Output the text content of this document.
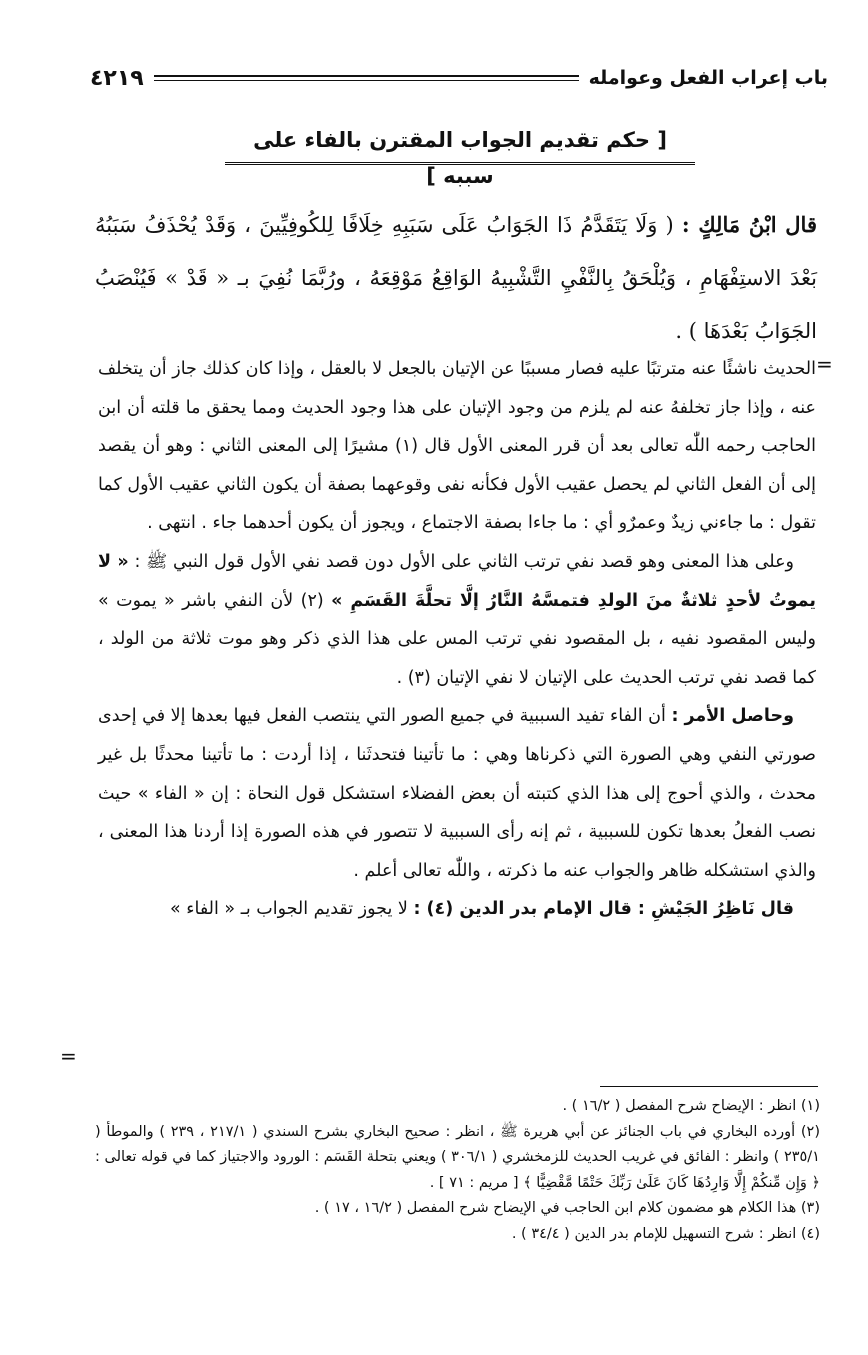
باب إعراب الفعل وعوامله
٤٢١٩
[ حكم تقديم الجواب المقترن بالفاء على سببه ]
قال ابْنُ مَالِكٍ : ( وَلَا يَتَقَدَّمُ ذَا الجَوَابُ عَلَى سَبَبِهِ خِلَافًا لِلكُوفِيِّينَ ، وَقَدْ يُحْذَفُ سَبَبُهُ بَعْدَ الاستِفْهَامِ ، وَيُلْحَقُ بِالنَّفْيِ التَّشْبِيهُ الوَاقِعُ مَوْقِعَهُ ، ورُبَّمَا نُفِيَ بـ « قَدْ » فَيُنْصَبُ الجَوَابُ بَعْدَهَا ) .
=

الحديث ناشئًا عنه مترتبًا عليه فصار مسببًا عن الإتيان بالجعل لا بالعقل ، وإذا كان كذلك جاز أن يتخلف عنه ، وإذا جاز تخلفهُ عنه لم يلزم من وجود الإتيان على هذا وجود الحديث ومما يحقق ما قلته أن ابن الحاجب رحمه اللّٰه تعالى بعد أن قرر المعنى الأول قال (١) مشيرًا إلى المعنى الثاني : وهو أن يقصد إلى أن الفعل الثاني لم يحصل عقيب الأول فكأنه نفى وقوعهما بصفة أن يكون الثاني عقيب الأول كما تقول : ما جاءني زيدٌ وعمرٌو أي : ما جاءا بصفة الاجتماع ، ويجوز أن يكون أحدهما جاء . انتهى .

وعلى هذا المعنى وهو قصد نفي ترتب الثاني على الأول دون قصد نفي الأول قول النبي ﷺ : « لا يموتُ لأحدٍ ثلاثةٌ منَ الولدِ فتمسَّهُ النَّارُ إلَّا تحلَّةَ القَسَمِ » (٢) لأن النفي باشر « يموت » وليس المقصود نفيه ، بل المقصود نفي ترتب المس على هذا الذي ذكر وهو موت ثلاثة من الولد ، كما قصد نفي ترتب الحديث على الإتيان لا نفي الإتيان (٣) .

وحاصل الأمر : أن الفاء تفيد السببية في جميع الصور التي ينتصب الفعل فيها بعدها إلا في إحدى صورتي النفي وهي الصورة التي ذكرناها وهي : ما تأتينا فتحدثَنا ، إذا أردت : ما تأتينا محدثًا بل غير محدث ، والذي أحوج إلى هذا الذي كتبته أن بعض الفضلاء استشكل قول النحاة : إن « الفاء » حيث نصب الفعلُ بعدها تكون للسببية ، ثم إنه رأى السببية لا تتصور في هذه الصورة إذا أردنا هذا المعنى ، والذي استشكله ظاهر والجواب عنه ما ذكرته ، واللّٰه تعالى أعلم .

قال نَاظِرُ الجَيْشِ : قال الإمام بدر الدين (٤) : لا يجوز تقديم الجواب بـ « الفاء »

=
(١) انظر : الإيضاح شرح المفصل ( ١٦/٢ ) .
(٢) أورده البخاري في باب الجنائز عن أبي هريرة ﷺ ، انظر : صحيح البخاري بشرح السندي ( ٢١٧/١ ، ٢٣٩ ) والموطأ ( ٢٣٥/١ ) وانظر : الفائق في غريب الحديث للزمخشري ( ٣٠٦/١ ) ويعني بتحلة القَسَم : الورود والاجتياز كما في قوله تعالى : ﴿ وَإِن مِّنكُمْ إِلَّا وَارِدُهَا كَانَ عَلَىٰ رَبِّكَ حَتْمًا مَّقْضِيًّا ﴾ [ مريم : ٧١ ] .
(٣) هذا الكلام هو مضمون كلام ابن الحاجب في الإيضاح شرح المفصل ( ١٦/٢ ، ١٧ ) .
(٤) انظر : شرح التسهيل للإمام بدر الدين ( ٣٤/٤ ) .
